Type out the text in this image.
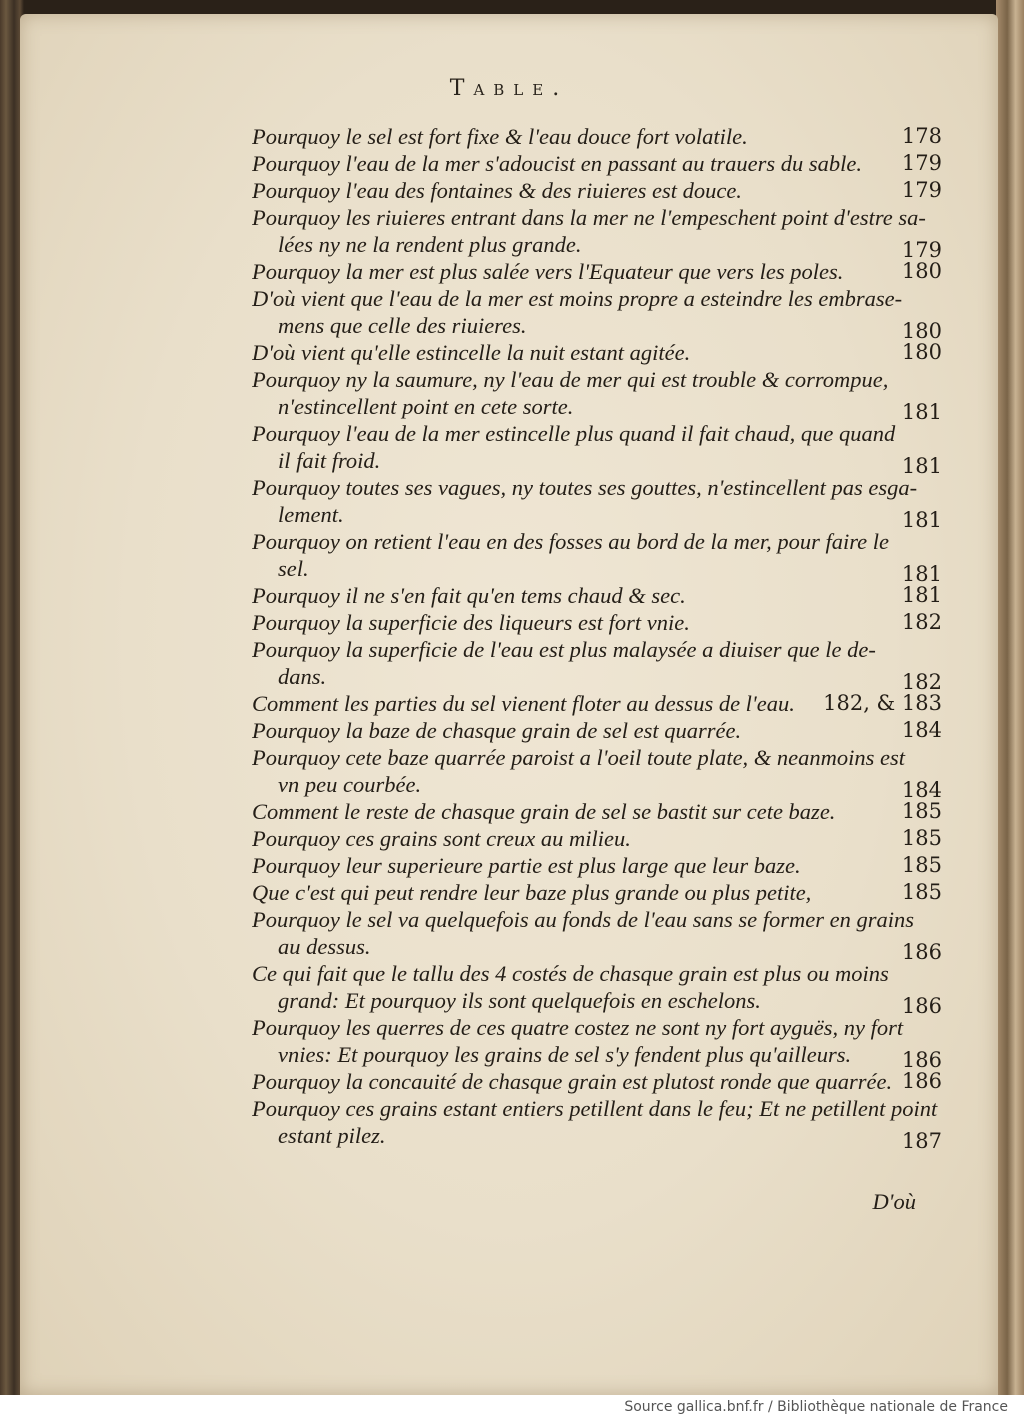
Table.
Pourquoy le sel est fort fixe & l'eau douce fort volatile.	178
Pourquoy l'eau de la mer s'adoucist en passant au trauers du sable.	179
Pourquoy l'eau des fontaines & des riuieres est douce.	179
Pourquoy les riuieres entrant dans la mer ne l'empeschent point d'estre sa-
lées ny ne la rendent plus grande.	179
Pourquoy la mer est plus salée vers l'Equateur que vers les poles.	180
D'où vient que l'eau de la mer est moins propre a esteindre les embrase-
mens que celle des riuieres.	180
D'où vient qu'elle estincelle la nuit estant agitée.	180
Pourquoy ny la saumure, ny l'eau de mer qui est trouble & corrompue,
n'estincellent point en cete sorte.	181
Pourquoy l'eau de la mer estincelle plus quand il fait chaud, que quand
il fait froid.	181
Pourquoy toutes ses vagues, ny toutes ses gouttes, n'estincellent pas esga-
lement.	181
Pourquoy on retient l'eau en des fosses au bord de la mer, pour faire le
sel.	181
Pourquoy il ne s'en fait qu'en tems chaud & sec.	181
Pourquoy la superficie des liqueurs est fort vnie.	182
Pourquoy la superficie de l'eau est plus malaysée a diuiser que le de-
dans.	182
Comment les parties du sel vienent floter au dessus de l'eau.	182, & 183
Pourquoy la baze de chasque grain de sel est quarrée.	184
Pourquoy cete baze quarrée paroist a l'oeil toute plate, & neanmoins est
vn peu courbée.	184
Comment le reste de chasque grain de sel se bastit sur cete baze.	185
Pourquoy ces grains sont creux au milieu.	185
Pourquoy leur superieure partie est plus large que leur baze.	185
Que c'est qui peut rendre leur baze plus grande ou plus petite,	185
Pourquoy le sel va quelquefois au fonds de l'eau sans se former en grains
au dessus.	186
Ce qui fait que le tallu des 4 costés de chasque grain est plus ou moins
grand: Et pourquoy ils sont quelquefois en eschelons.	186
Pourquoy les querres de ces quatre costez ne sont ny fort ayguës, ny fort
vnies: Et pourquoy les grains de sel s'y fendent plus qu'ailleurs.	186
Pourquoy la concauité de chasque grain est plutost ronde que quarrée. 186
Pourquoy ces grains estant entiers petillent dans le feu; Et ne petillent point
estant pilez.	187
D'où
Source gallica.bnf.fr / Bibliothèque nationale de France
